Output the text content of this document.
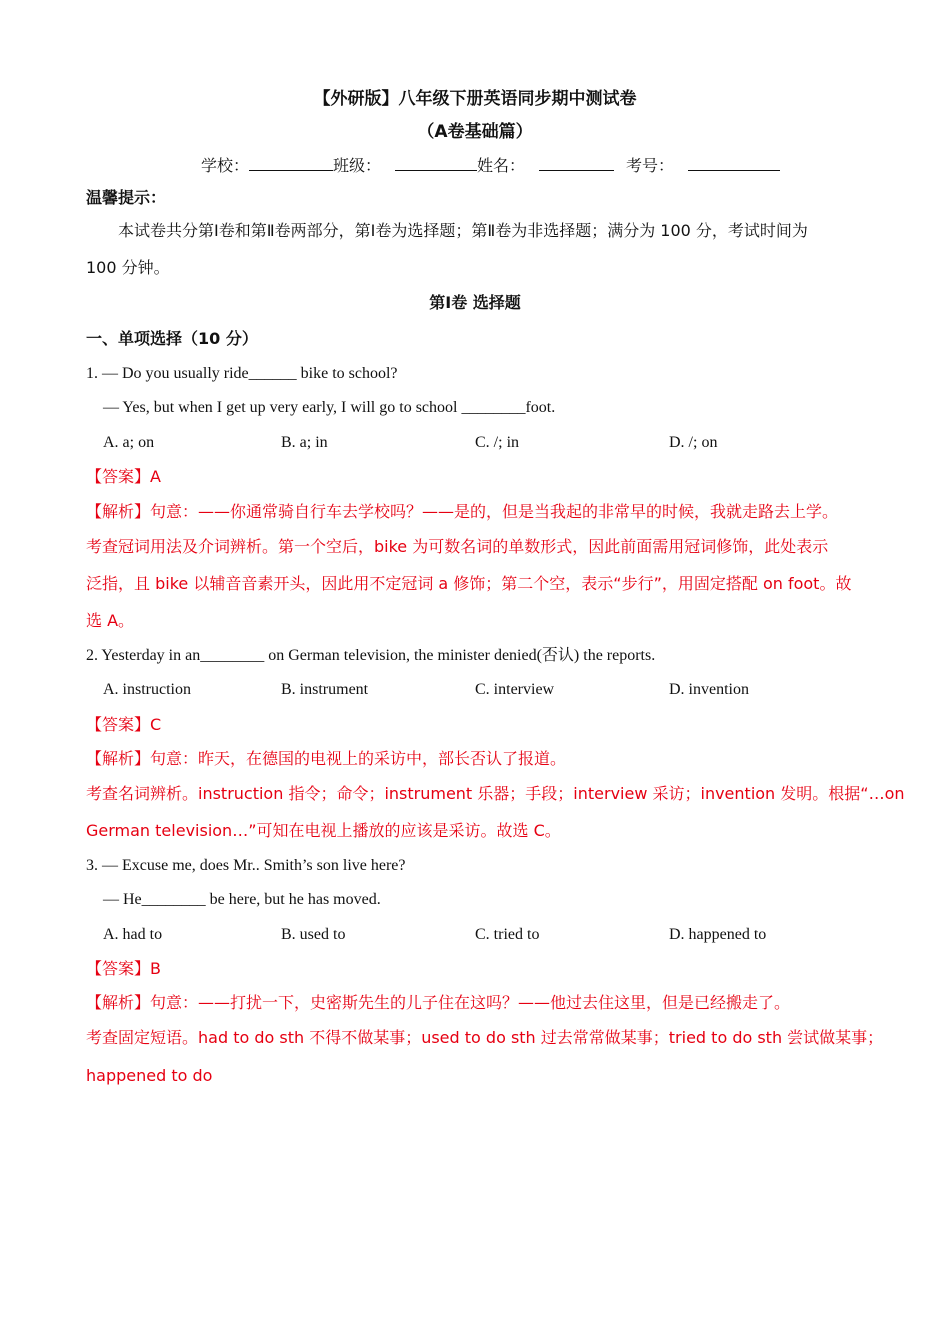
【外研版】八年级下册英语同步期中测试卷
（A卷基础篇）
学校：	班级：	姓名：	考号：
温馨提示：
本试卷共分第Ⅰ卷和第Ⅱ卷两部分，第Ⅰ卷为选择题；第Ⅱ卷为非选择题；满分为 100 分，考试时间为
100 分钟。
第Ⅰ卷 选择题
一、单项选择（10 分）
1. — Do you usually ride______ bike to school?
— Yes, but when I get up very early, I will go to school ________foot.
A. a; on	B. a; in	C. /; in	D. /; on
【答案】A
【解析】句意：——你通常骑自行车去学校吗？——是的，但是当我起的非常早的时候，我就走路去上学。
考查冠词用法及介词辨析。第一个空后，bike 为可数名词的单数形式，因此前面需用冠词修饰，此处表示
泛指，且 bike 以辅音音素开头，因此用不定冠词 a 修饰；第二个空，表示“步行”，用固定搭配 on foot。故
选 A。
2. Yesterday in an________ on German television, the minister denied(否认) the reports.
A. instruction	B. instrument	C. interview	D. invention
【答案】C
【解析】句意：昨天，在德国的电视上的采访中，部长否认了报道。
考查名词辨析。instruction 指令；命令；instrument 乐器；手段；interview 采访；invention 发明。根据“…on
German television…”可知在电视上播放的应该是采访。故选 C。
3. — Excuse me, does Mr.. Smith’s son live here?
— He________ be here, but he has moved.
A. had to	B. used to	C. tried to	D. happened to
【答案】B
【解析】句意：——打扰一下，史密斯先生的儿子住在这吗？——他过去住这里，但是已经搬走了。
考查固定短语。had to do sth 不得不做某事；used to do sth 过去常常做某事；tried to do sth 尝试做某事；
happened to do
